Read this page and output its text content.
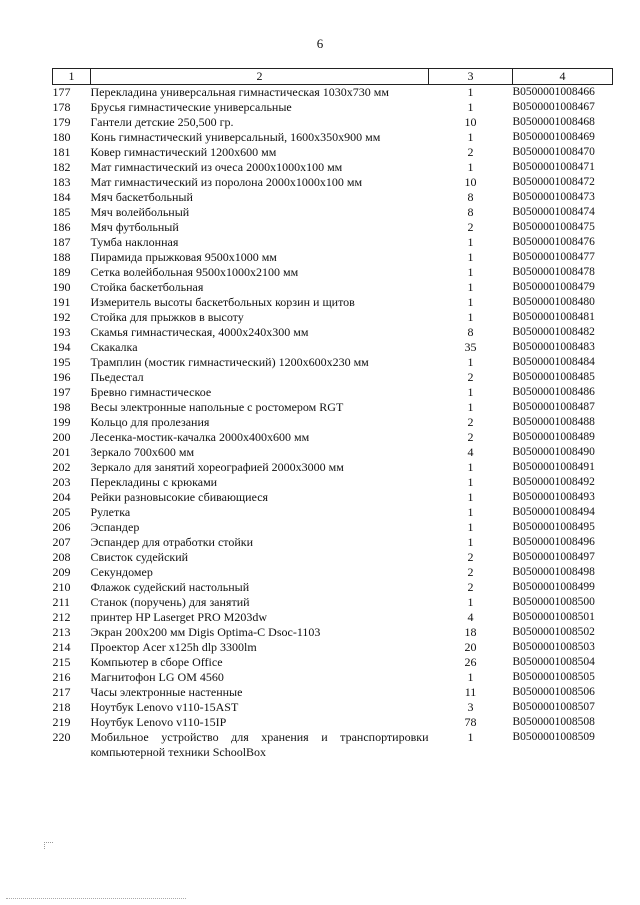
6
1	2	3	4
177	Перекладина универсальная гимнастическая 1030х730 мм	1	B0500001008466
178	Брусья гимнастические универсальные	1	B0500001008467
179	Гантели детские 250,500 гр.	10	B0500001008468
180	Конь гимнастический универсальный, 1600х350х900 мм	1	B0500001008469
181	Ковер гимнастический 1200х600 мм	2	B0500001008470
182	Мат гимнастический из очеса 2000х1000х100 мм	1	B0500001008471
183	Мат гимнастический из поролона 2000х1000х100 мм	10	B0500001008472
184	Мяч баскетбольный	8	B0500001008473
185	Мяч волейбольный	8	B0500001008474
186	Мяч футбольный	2	B0500001008475
187	Тумба наклонная	1	B0500001008476
188	Пирамида прыжковая 9500х1000 мм	1	B0500001008477
189	Сетка волейбольная 9500х1000х2100 мм	1	B0500001008478
190	Стойка баскетбольная	1	B0500001008479
191	Измеритель высоты баскетбольных корзин и щитов	1	B0500001008480
192	Стойка для прыжков в высоту	1	B0500001008481
193	Скамья гимнастическая, 4000х240х300 мм	8	B0500001008482
194	Скакалка	35	B0500001008483
195	Трамплин (мостик гимнастический) 1200х600х230 мм	1	B0500001008484
196	Пьедестал	2	B0500001008485
197	Бревно гимнастическое	1	B0500001008486
198	Весы электронные напольные с ростомером RGT	1	B0500001008487
199	Кольцо для пролезания	2	B0500001008488
200	Лесенка-мостик-качалка 2000х400х600 мм	2	B0500001008489
201	Зеркало 700х600 мм	4	B0500001008490
202	Зеркало для занятий хореографией 2000х3000 мм	1	B0500001008491
203	Перекладины с крюками	1	B0500001008492
204	Рейки разновысокие сбивающиеся	1	B0500001008493
205	Рулетка	1	B0500001008494
206	Эспандер	1	B0500001008495
207	Эспандер для отработки стойки	1	B0500001008496
208	Свисток судейский	2	B0500001008497
209	Секундомер	2	B0500001008498
210	Флажок судейский настольный	2	B0500001008499
211	Станок (поручень) для занятий	1	B0500001008500
212	принтер HP Laserget PRO M203dw	4	B0500001008501
213	Экран 200х200 мм Digis Optima-C Dsoc-1103	18	B0500001008502
214	Проектор Acer x125h dlp 3300lm	20	B0500001008503
215	Компьютер в сборе Office	26	B0500001008504
216	Магнитофон LG OM 4560	1	B0500001008505
217	Часы электронные настенные	11	B0500001008506
218	Ноутбук Lenovo v110-15AST	3	B0500001008507
219	Ноутбук Lenovo v110-15IP	78	B0500001008508
220	Мобильное устройство для хранения и транспортировки компьютерной техники SchoolBox	1	B0500001008509
